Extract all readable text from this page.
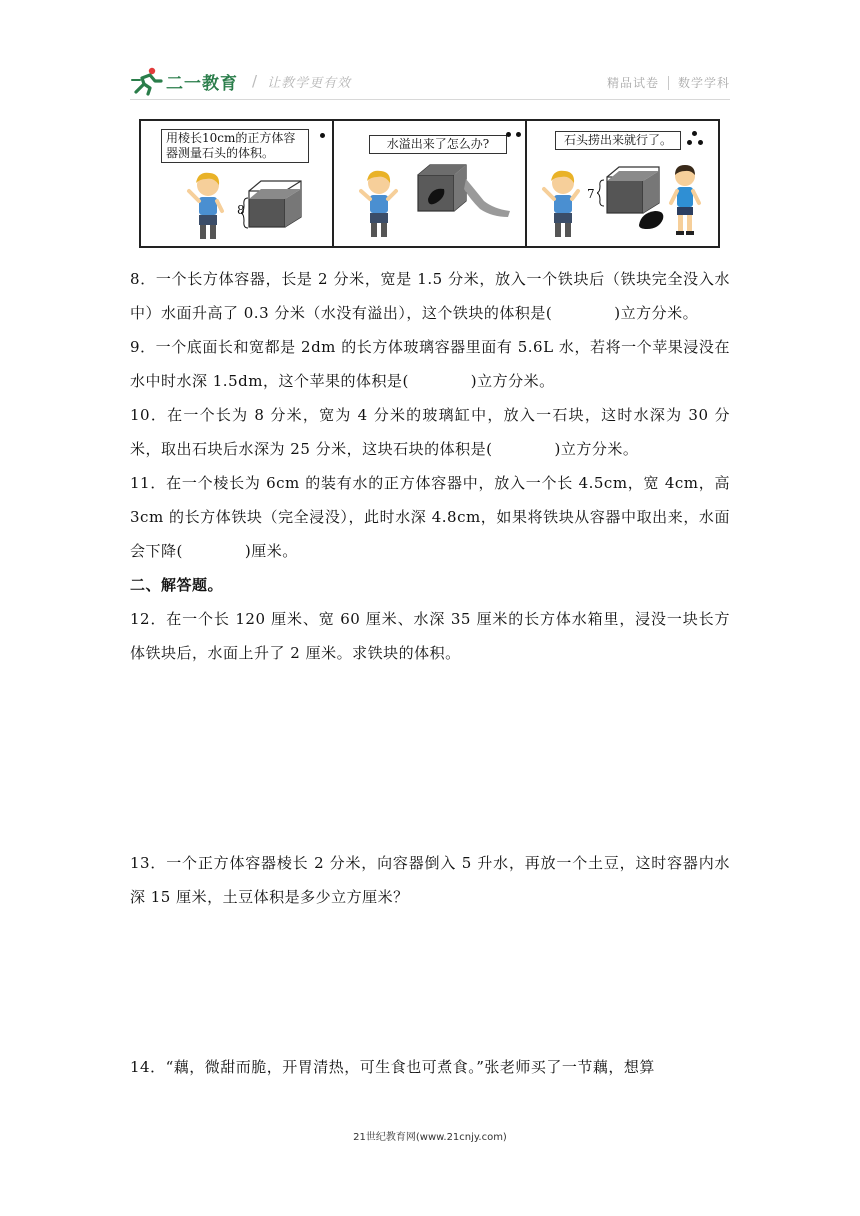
二一教育 / 让教学更有效	精品试卷 数学学科
用棱长10cm的正方体容器测量石头的体积。
8
水溢出来了怎么办?	石头捞出来就行了。
7

8．一个长方体容器，长是 2 分米，宽是 1.5 分米，放入一个铁块后（铁块完全没入水中）水面升高了 0.3 分米（水没有溢出），这个铁块的体积是(　　　　)立方分米。

9．一个底面长和宽都是 2dm 的长方体玻璃容器里面有 5.6L 水，若将一个苹果浸没在水中时水深 1.5dm，这个苹果的体积是(　　　　)立方分米。

10．在一个长为 8 分米，宽为 4 分米的玻璃缸中，放入一石块，这时水深为 30 分米，取出石块后水深为 25 分米，这块石块的体积是(　　　　)立方分米。

11．在一个棱长为 6cm 的装有水的正方体容器中，放入一个长 4.5cm，宽 4cm，高 3cm 的长方体铁块（完全浸没），此时水深 4.8cm，如果将铁块从容器中取出来，水面会下降(　　　　)厘米。

二、解答题。

12．在一个长 120 厘米、宽 60 厘米、水深 35 厘米的长方体水箱里，浸没一块长方体铁块后，水面上升了 2 厘米。求铁块的体积。

13．一个正方体容器棱长 2 分米，向容器倒入 5 升水，再放一个土豆，这时容器内水深 15 厘米，土豆体积是多少立方厘米？

14．“藕，微甜而脆，开胃清热，可生食也可煮食。”张老师买了一节藕，想算

21世纪教育网(www.21cnjy.com)
